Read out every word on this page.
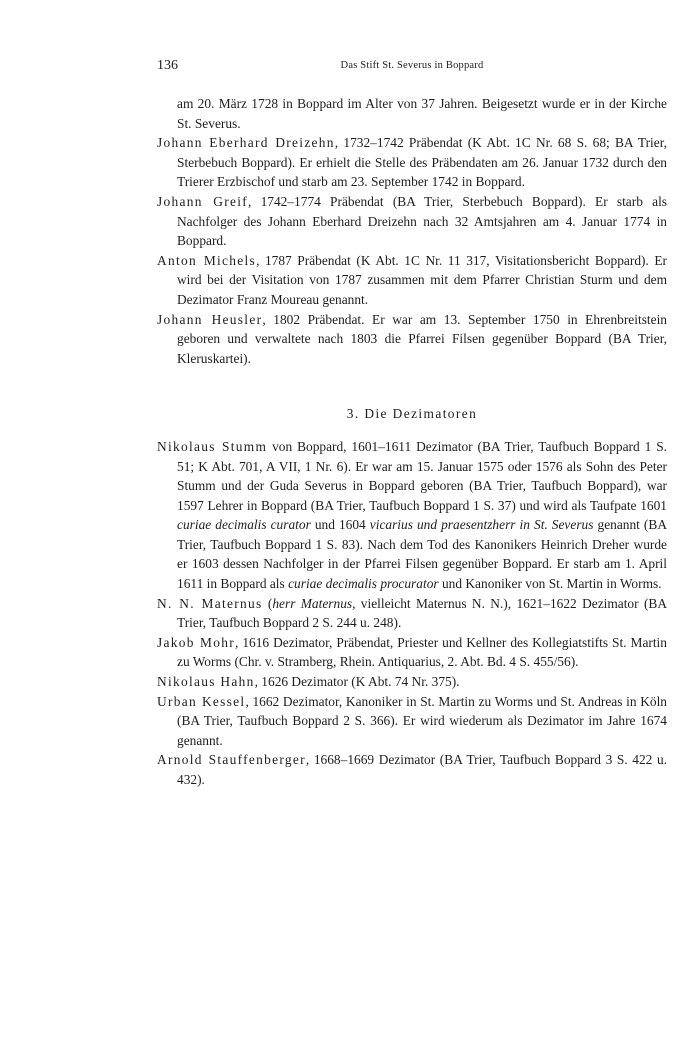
136	Das Stift St. Severus in Boppard

am 20. März 1728 in Boppard im Alter von 37 Jahren. Beigesetzt wurde er in der Kirche St. Severus.

Johann Eberhard Dreizehn, 1732–1742 Präbendat (K Abt. 1C Nr. 68 S. 68; BA Trier, Sterbebuch Boppard). Er erhielt die Stelle des Präbendaten am 26. Januar 1732 durch den Trierer Erzbischof und starb am 23. September 1742 in Boppard.

Johann Greif, 1742–1774 Präbendat (BA Trier, Sterbebuch Boppard). Er starb als Nachfolger des Johann Eberhard Dreizehn nach 32 Amtsjahren am 4. Januar 1774 in Boppard.

Anton Michels, 1787 Präbendat (K Abt. 1C Nr. 11 317, Visitationsbericht Boppard). Er wird bei der Visitation von 1787 zusammen mit dem Pfarrer Christian Sturm und dem Dezimator Franz Moureau genannt.

Johann Heusler, 1802 Präbendat. Er war am 13. September 1750 in Ehrenbreitstein geboren und verwaltete nach 1803 die Pfarrei Filsen gegenüber Boppard (BA Trier, Kleruskartei).

3. Die Dezimatoren

Nikolaus Stumm von Boppard, 1601–1611 Dezimator (BA Trier, Taufbuch Boppard 1 S. 51; K Abt. 701, A VII, 1 Nr. 6). Er war am 15. Januar 1575 oder 1576 als Sohn des Peter Stumm und der Guda Severus in Boppard geboren (BA Trier, Taufbuch Boppard), war 1597 Lehrer in Boppard (BA Trier, Taufbuch Boppard 1 S. 37) und wird als Taufpate 1601 curiae decimalis curator und 1604 vicarius und praesentzherr in St. Severus genannt (BA Trier, Taufbuch Boppard 1 S. 83). Nach dem Tod des Kanonikers Heinrich Dreher wurde er 1603 dessen Nachfolger in der Pfarrei Filsen gegenüber Boppard. Er starb am 1. April 1611 in Boppard als curiae decimalis procurator und Kanoniker von St. Martin in Worms.

N. N. Maternus (herr Maternus, vielleicht Maternus N. N.), 1621–1622 Dezimator (BA Trier, Taufbuch Boppard 2 S. 244 u. 248).

Jakob Mohr, 1616 Dezimator, Präbendat, Priester und Kellner des Kollegiatstifts St. Martin zu Worms (Chr. v. Stramberg, Rhein. Antiquarius, 2. Abt. Bd. 4 S. 455/56).

Nikolaus Hahn, 1626 Dezimator (K Abt. 74 Nr. 375).

Urban Kessel, 1662 Dezimator, Kanoniker in St. Martin zu Worms und St. Andreas in Köln (BA Trier, Taufbuch Boppard 2 S. 366). Er wird wiederum als Dezimator im Jahre 1674 genannt.

Arnold Stauffenberger, 1668–1669 Dezimator (BA Trier, Taufbuch Boppard 3 S. 422 u. 432).
